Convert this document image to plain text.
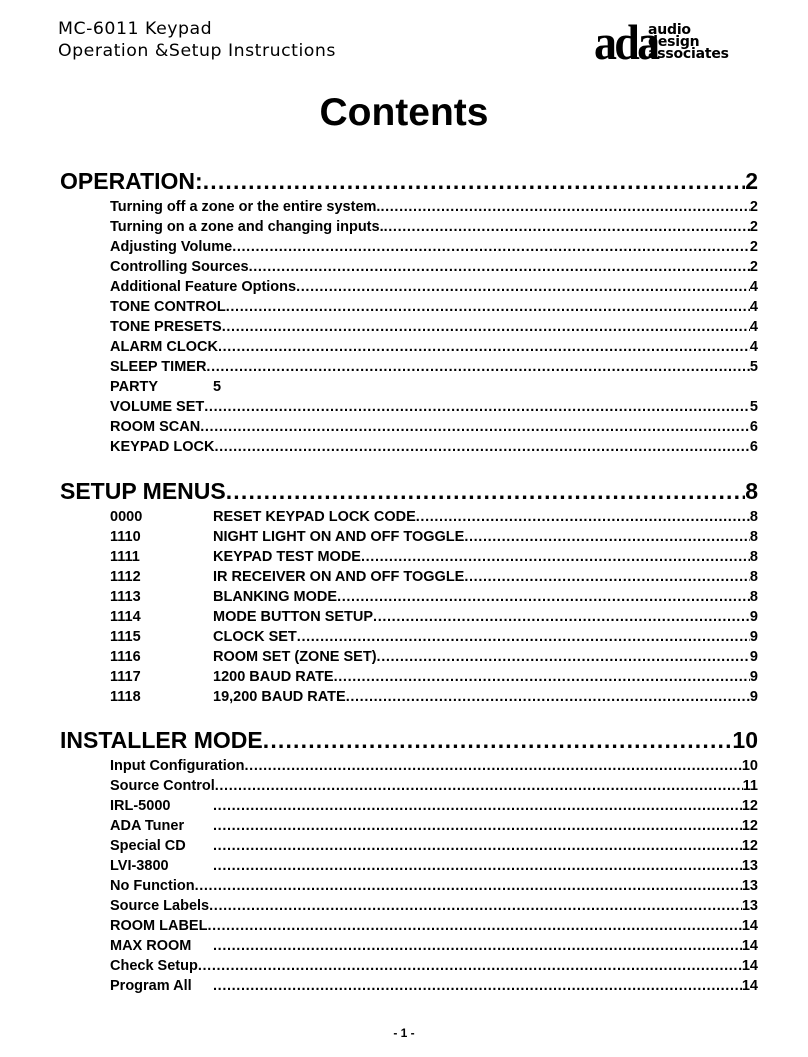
MC-6011 Keypad
Operation &Setup Instructions	ada
audio
design
associates
Contents
OPERATION: . . .	2
Turning off a zone or the entire system. . . .	2
Turning on a zone and changing inputs. . . .	2
Adjusting Volume . . .	2
Controlling Sources . . .	2
Additional Feature Options . . .	4
TONE CONTROL . . .	4
TONE PRESETS . . .	4
ALARM CLOCK . . .	4
SLEEP TIMER . . .	5
PARTY	5
VOLUME SET . . .	5
ROOM SCAN . . .	6
KEYPAD LOCK . . .	6
SETUP MENUS . . .	8
0000	RESET KEYPAD LOCK CODE . . .	8
1110	NIGHT LIGHT ON AND OFF TOGGLE . . .	8
1111	KEYPAD TEST MODE . . .	8
1112	IR RECEIVER ON AND OFF TOGGLE . . .	8
1113	BLANKING MODE . . .	8
1114	MODE BUTTON SETUP . . .	9
1115	CLOCK SET . . .	9
1116	ROOM SET (ZONE SET) . . .	9
1117	1200 BAUD RATE . . .	9
1118	19,200 BAUD RATE . . .	9
INSTALLER MODE . . .	10
Input Configuration . . .	10
Source Control . . .	11
IRL-5000 . . .	12
ADA Tuner . . .	12
Special CD . . .	12
LVI-3800 . . .	13
No Function . . .	13
Source Labels . . .	13
ROOM LABEL . . .	14
MAX ROOM . . .	14
Check Setup . . .	14
Program All . . .	14
- 1 -
